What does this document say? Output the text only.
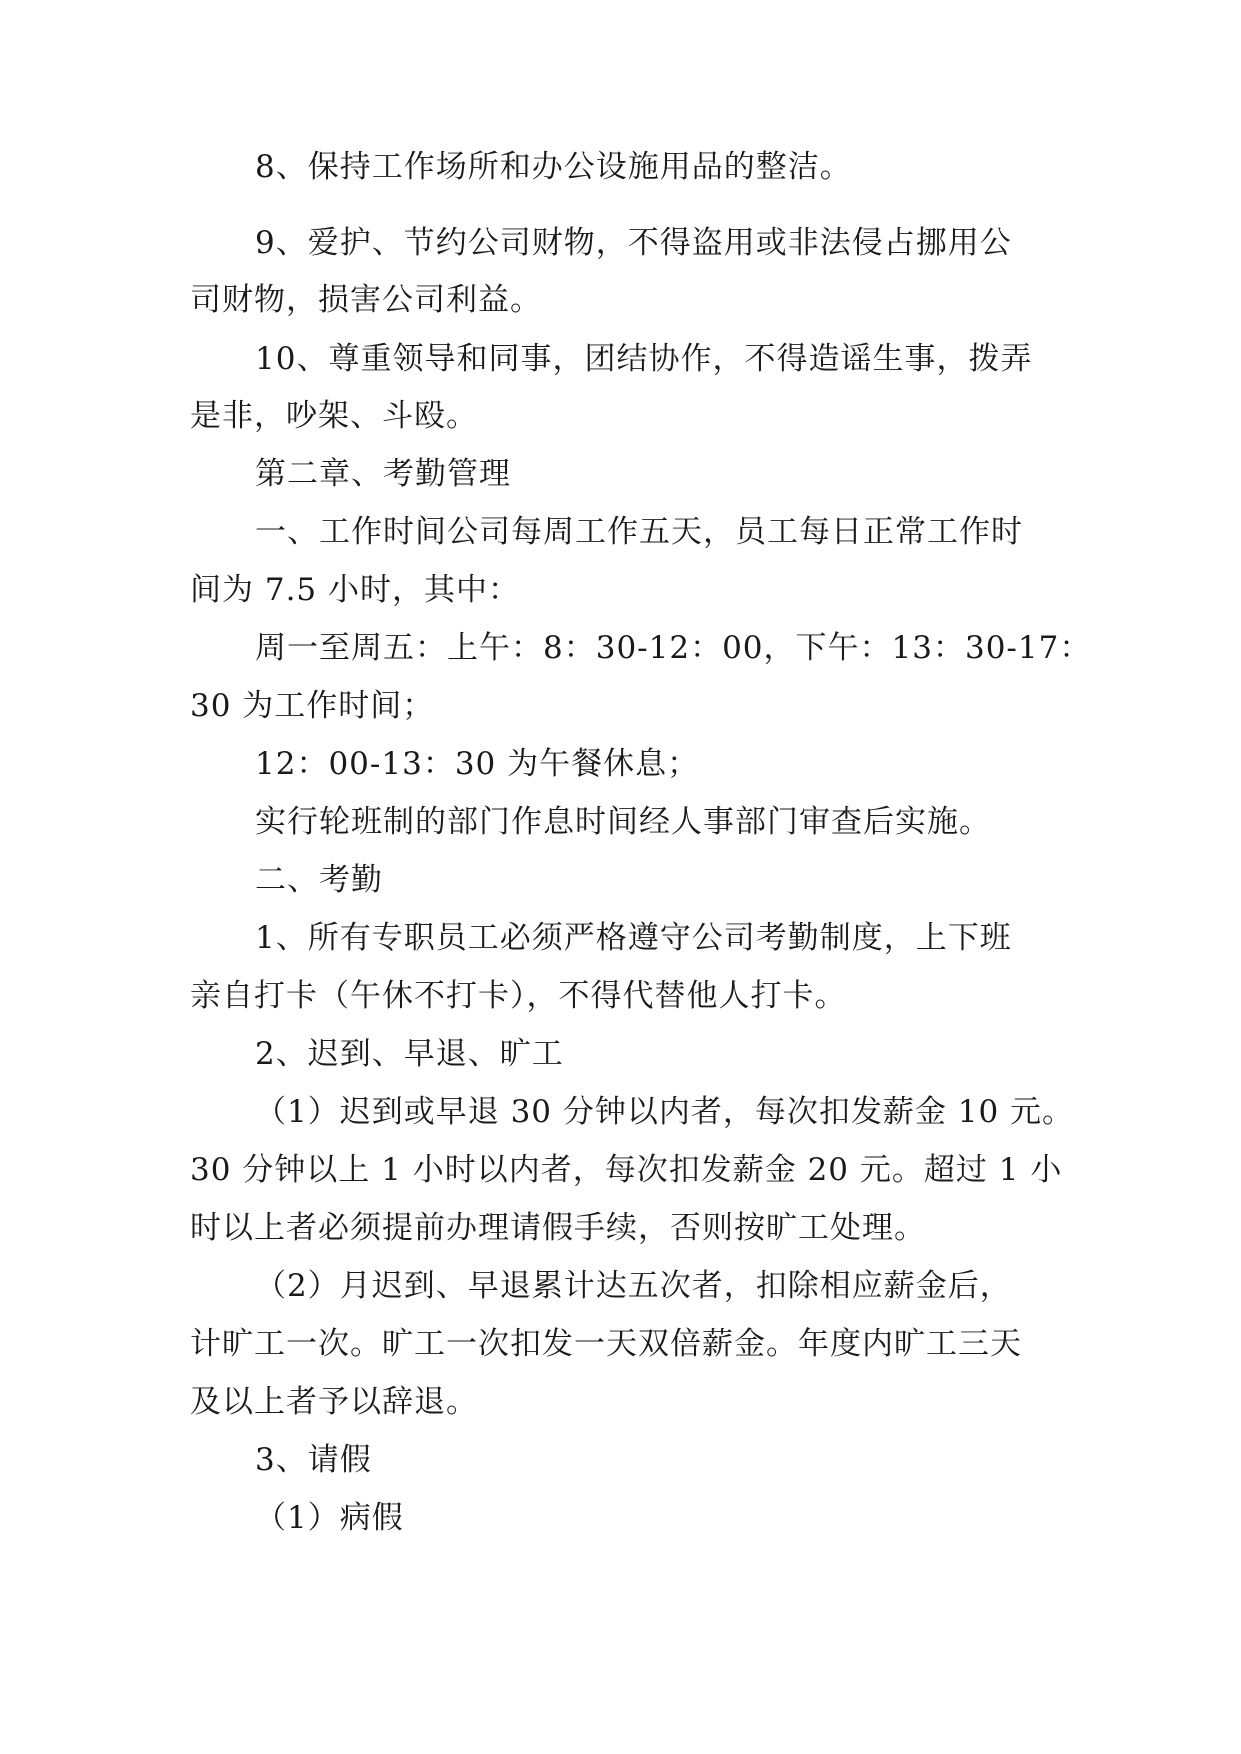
8、保持工作场所和办公设施用品的整洁。
9、爱护、节约公司财物，不得盗用或非法侵占挪用公
司财物，损害公司利益。
10、尊重领导和同事，团结协作，不得造谣生事，拨弄
是非，吵架、斗殴。
第二章、考勤管理
一、工作时间公司每周工作五天，员工每日正常工作时
间为 7.5 小时，其中：
周一至周五：上午：8：30-12：00，下午：13：30-17：
30 为工作时间；
12：00-13：30 为午餐休息；
实行轮班制的部门作息时间经人事部门审查后实施。
二、考勤
1、所有专职员工必须严格遵守公司考勤制度，上下班
亲自打卡（午休不打卡），不得代替他人打卡。
2、迟到、早退、旷工
（1）迟到或早退 30 分钟以内者，每次扣发薪金 10 元。
30 分钟以上 1 小时以内者，每次扣发薪金 20 元。超过 1 小
时以上者必须提前办理请假手续，否则按旷工处理。
（2）月迟到、早退累计达五次者，扣除相应薪金后，
计旷工一次。旷工一次扣发一天双倍薪金。年度内旷工三天
及以上者予以辞退。
3、请假
（1）病假
